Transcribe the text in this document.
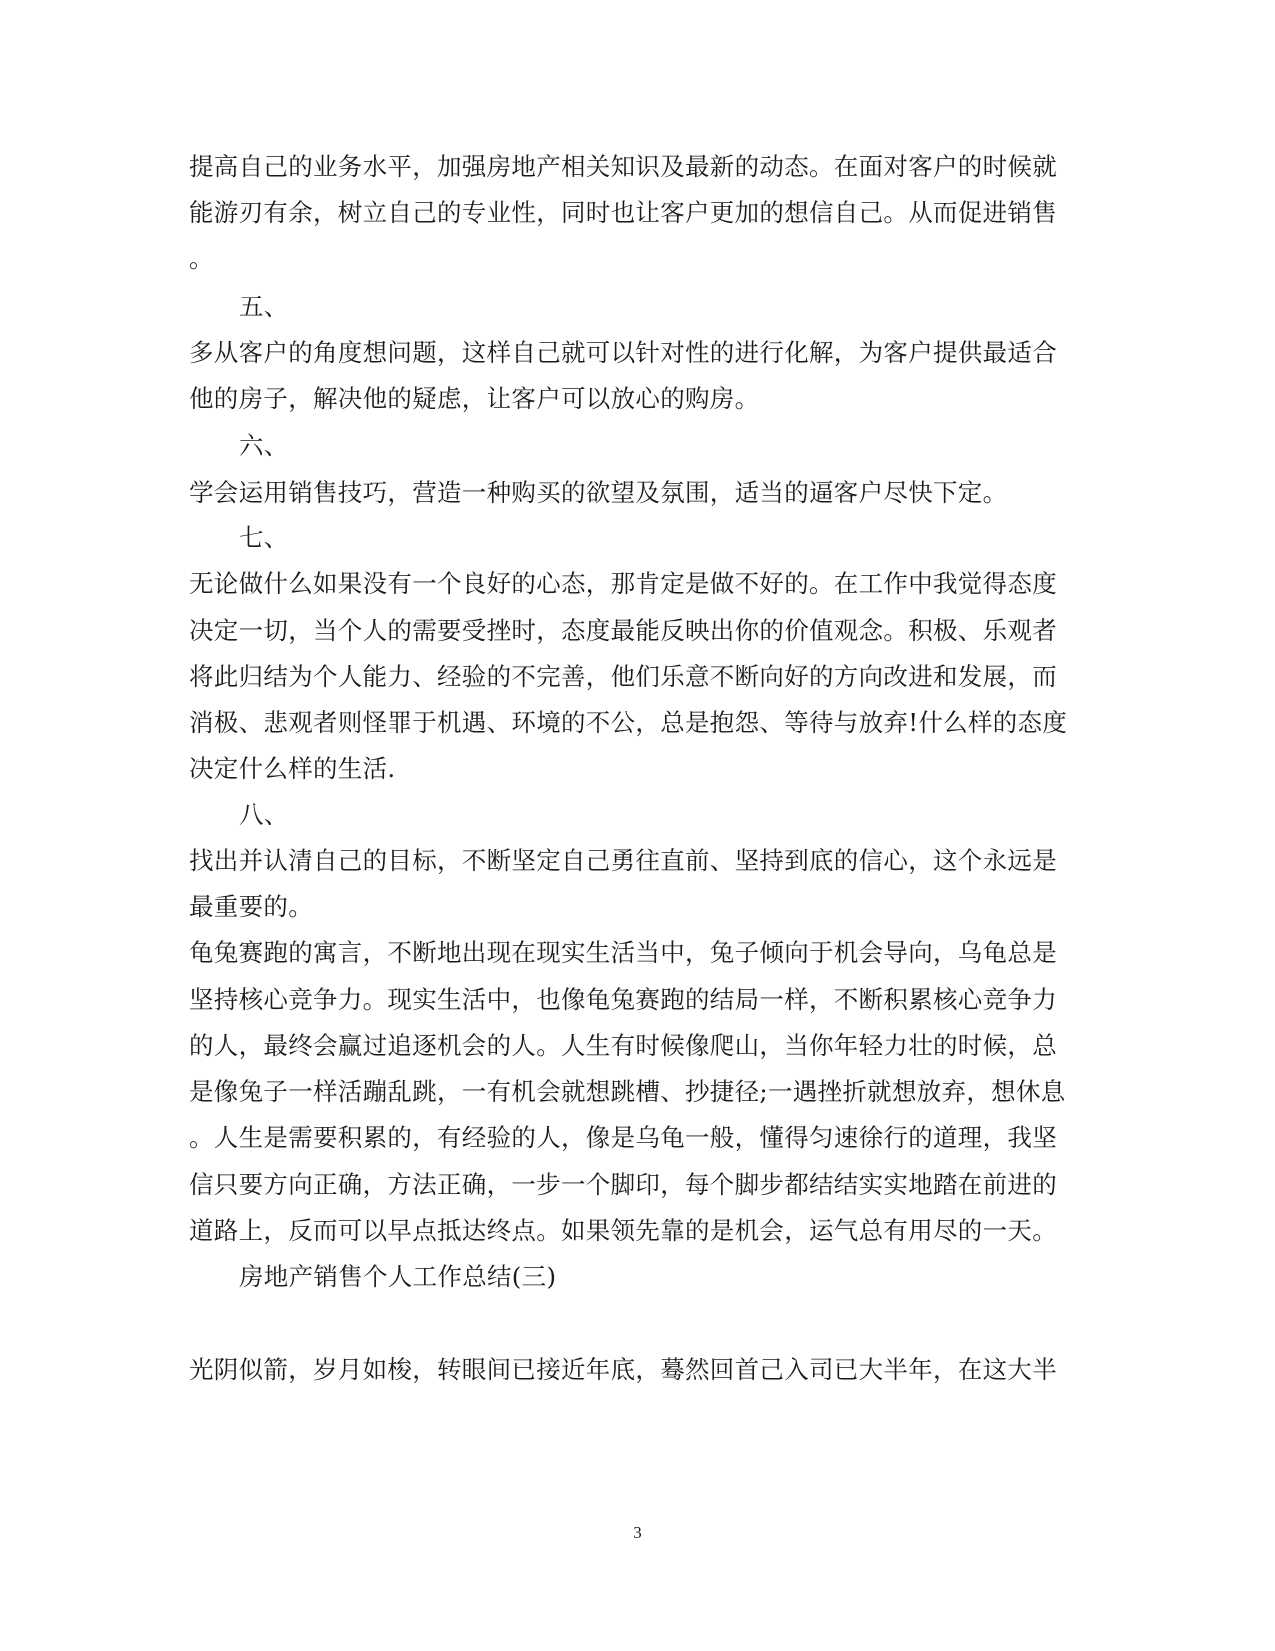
提高自己的业务水平，加强房地产相关知识及最新的动态。在面对客户的时候就
能游刃有余，树立自己的专业性，同时也让客户更加的想信自己。从而促进销售
。
五、
多从客户的角度想问题，这样自己就可以针对性的进行化解，为客户提供最适合
他的房子，解决他的疑虑，让客户可以放心的购房。
六、
学会运用销售技巧，营造一种购买的欲望及氛围，适当的逼客户尽快下定。
七、
无论做什么如果没有一个良好的心态，那肯定是做不好的。在工作中我觉得态度
决定一切，当个人的需要受挫时，态度最能反映出你的价值观念。积极、乐观者
将此归结为个人能力、经验的不完善，他们乐意不断向好的方向改进和发展，而
消极、悲观者则怪罪于机遇、环境的不公，总是抱怨、等待与放弃!什么样的态度
决定什么样的生活.
八、
找出并认清自己的目标，不断坚定自己勇往直前、坚持到底的信心，这个永远是
最重要的。
龟兔赛跑的寓言，不断地出现在现实生活当中，兔子倾向于机会导向，乌龟总是
坚持核心竞争力。现实生活中，也像龟兔赛跑的结局一样，不断积累核心竞争力
的人，最终会赢过追逐机会的人。人生有时候像爬山，当你年轻力壮的时候，总
是像兔子一样活蹦乱跳，一有机会就想跳槽、抄捷径;一遇挫折就想放弃，想休息
。人生是需要积累的，有经验的人，像是乌龟一般，懂得匀速徐行的道理，我坚
信只要方向正确，方法正确，一步一个脚印，每个脚步都结结实实地踏在前进的
道路上，反而可以早点抵达终点。如果领先靠的是机会，运气总有用尽的一天。
房地产销售个人工作总结(三)
光阴似箭，岁月如梭，转眼间已接近年底，蓦然回首己入司已大半年，在这大半
3
